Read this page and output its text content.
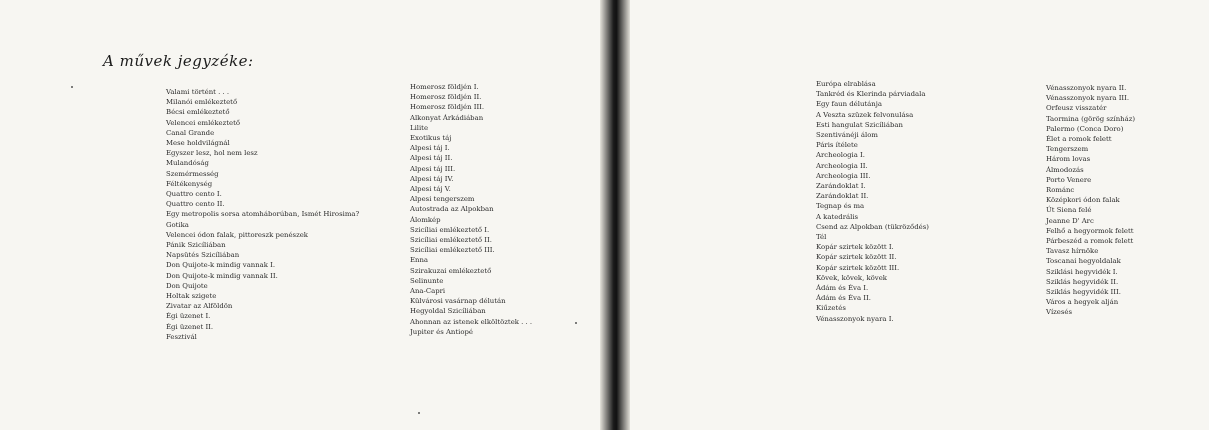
A művek jegyzéke:
Valami történt . . .
Milanói emlékeztető
Bécsi emlékeztető
Velencei emlékeztető
Canal Grande
Mese holdvilágnál
Egyszer lesz, hol nem lesz
Mulandóság
Szemérmesség
Féltékenység
Quattro cento I.
Quattro cento II.
Egy metropolis sorsa atomháborúban, Ismét Hirosima?
Gotika
Velencei ódon falak, pittoreszk penészek
Pánik Szicíliában
Napsütés Szicíliában
Don Quijote-k mindig vannak I.
Don Quijote-k mindig vannak II.
Don Quijote
Holtak szigete
Zivatar az Alföldön
Égi üzenet I.
Égi üzenet II.
Fesztivál
Homerosz földjén I.
Homerosz földjén II.
Homerosz földjén III.
Alkonyat Árkádiában
Lilite
Exotikus táj
Alpesi táj I.
Alpesi táj II.
Alpesi táj III.
Alpesi táj IV.
Alpesi táj V.
Alpesi tengerszem
Autostrada az Alpokban
Álomkép
Szicíliai emlékeztető I.
Szicíliai emlékeztető II.
Szicíliai emlékeztető III.
Enna
Szirakuzai emlékeztető
Selinunte
Ana-Capri
Külvárosi vasárnap délután
Hegyoldal Szicíliában
Ahonnan az istenek elköltöztek . . .
Jupiter és Antiopé
Európa elrablása
Tankréd és Klerinda párviadala
Egy faun délutánja
A Veszta szüzek felvonulása
Esti hangulat Szicíliában
Szentivánéji álom
Páris ítélete
Archeologia I.
Archeologia II.
Archeologia III.
Zarándoklat I.
Zarándoklat II.
Tegnap és ma
A katedrális
Csend az Alpokban (tükröződés)
Tél
Kopár szirtek között I.
Kopár szirtek között II.
Kopár szirtek között III.
Kövek, kövek, kövek
Ádám és Éva I.
Ádám és Éva II.
Kiűzetés
Vénasszonyok nyara I.
Vénasszonyok nyara II.
Vénasszonyok nyara III.
Orfeusz visszatér
Taormina (görög színház)
Palermo (Conca Doro)
Élet a romok felett
Tengerszem
Három lovas
Álmodozás
Porto Venere
Románc
Középkori ódon falak
Út Siena felé
Jeanne D' Arc
Felhő a hegyormok felett
Párbeszéd a romok felett
Tavasz hírnöke
Toscanai hegyoldalak
Sziklási hegyvidék I.
Sziklás hegyvidék II.
Sziklás hegyvidék III.
Város a hegyek alján
Vízesés
